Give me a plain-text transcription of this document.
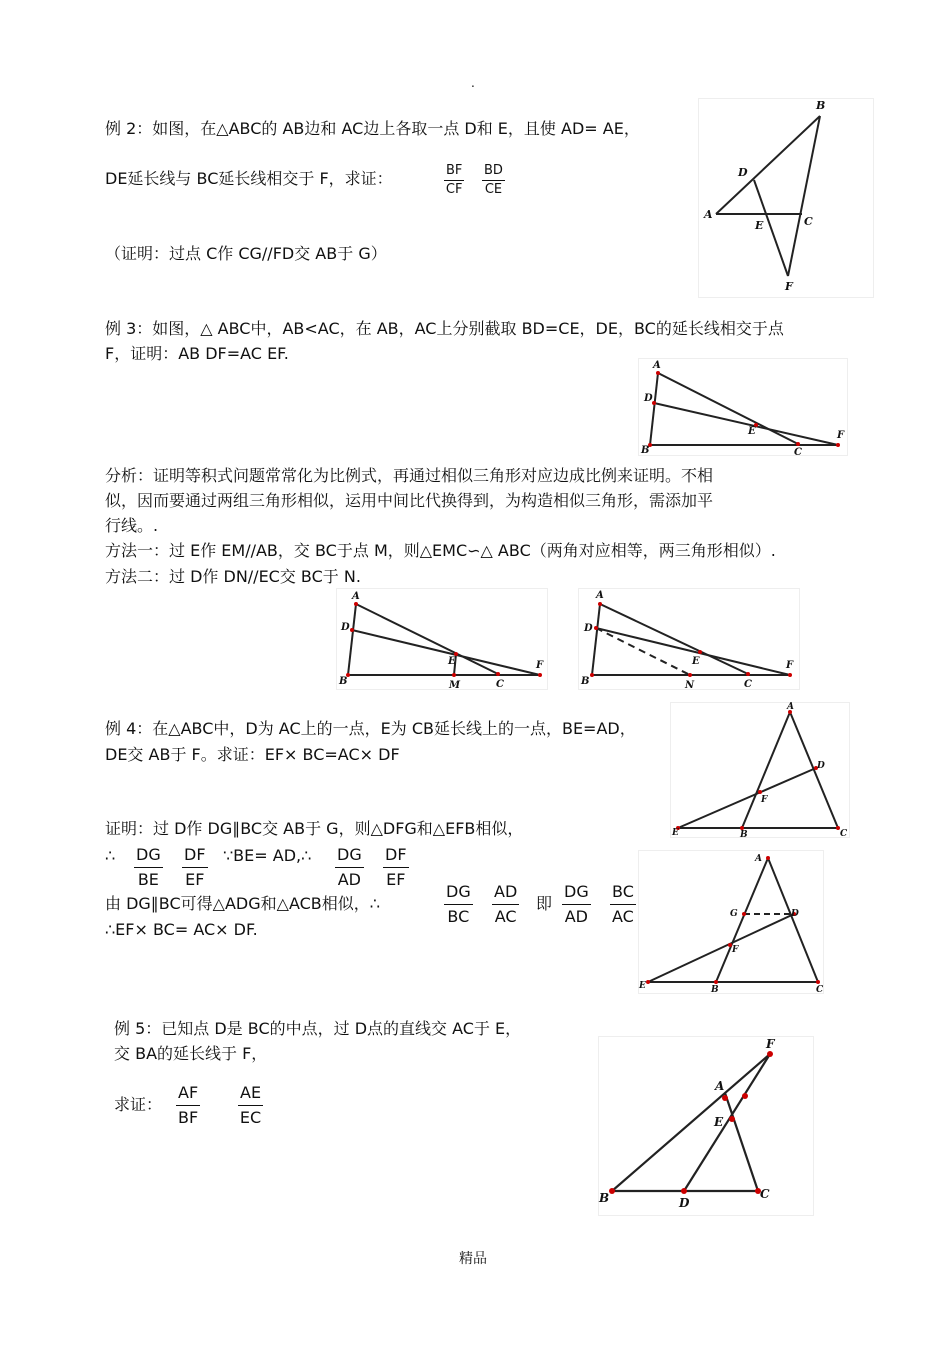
.
例 2：如图，在△ABC的 AB边和 AC边上各取一点 D和 E，且使 AD= AE，
DE延长线与 BC延长线相交于 F，求证：	$\frac{BF}{CF} \frac{BD}{CE}$
（证明：过点 C作 CG//FD交 AB于 G）
A
B
C
D
E
F
例 3：如图，△ ABC中，AB<AC，在 AB，AC上分别截取 BD=CE，DE，BC的延长线相交于点
F，证明：AB DF=AC EF.
A
B	C
D
E	F
分析：证明等积式问题常常化为比例式，再通过相似三角形对应边成比例来证明。不相
似，因而要通过两组三角形相似，运用中间比代换得到，为构造相似三角形，需添加平
行线。.
方法一：过 E作 EM//AB，交 BC于点 M，则△EMC∽△ ABC（两角对应相等，两三角形相似）.
方法二：过 D作 DN//EC交 BC于 N.
A
B	C
D
E	F
M
A
B	C
D
E	F
N
例 4：在△ABC中，D为 AC上的一点，E为 CB延长线上的一点，BE=AD，
DE交 AB于 F。求证：EF× BC=AC× DF
证明：过 D作 DG∥BC交 AB于 G，则△DFG和△EFB相似，
∴ $\frac{DG}{BE} \frac{DF}{EF}$ ∵BE= AD,∴ $\frac{DG}{AD} \frac{DF}{EF}$
由 DG∥BC可得△ADG和△ACB相似，∴	$\frac{DG}{BC} \frac{AD}{AC}$ 即 $\frac{DG}{AD} \frac{BC}{AC}$
∴EF× BC= AC× DF.
A
B	C
D
E
F
A
B	C
D
E
F
G
例 5：已知点 D是 BC的中点，过 D点的直线交 AC于 E，
交 BA的延长线于 F，
求证： $\frac{AF}{BF} \frac{AE}{EC}$	A
B	C
D
E
F
精品
